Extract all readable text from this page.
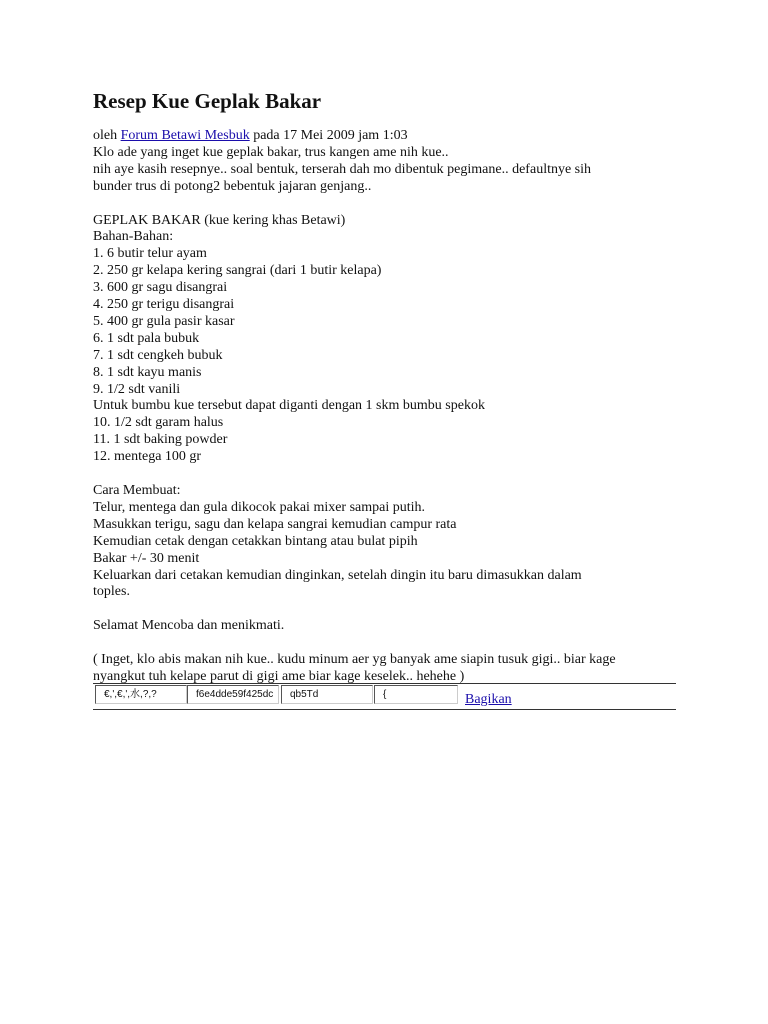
Resep Kue Geplak Bakar
oleh Forum Betawi Mesbuk pada 17 Mei 2009 jam 1:03
Klo ade yang inget kue geplak bakar, trus kangen ame nih kue..
nih aye kasih resepnye.. soal bentuk, terserah dah mo dibentuk pegimane.. defaultnye sih
bunder trus di potong2 bebentuk jajaran genjang..
GEPLAK BAKAR (kue kering khas Betawi)
Bahan-Bahan:
1. 6 butir telur ayam
2. 250 gr kelapa kering sangrai (dari 1 butir kelapa)
3. 600 gr sagu disangrai
4. 250 gr terigu disangrai
5. 400 gr gula pasir kasar
6. 1 sdt pala bubuk
7. 1 sdt cengkeh bubuk
8. 1 sdt kayu manis
9. 1/2 sdt vanili
Untuk bumbu kue tersebut dapat diganti dengan 1 skm bumbu spekok
10. 1/2 sdt garam halus
11. 1 sdt baking powder
12. mentega 100 gr
Cara Membuat:
Telur, mentega dan gula dikocok pakai mixer sampai putih.
Masukkan terigu, sagu dan kelapa sangrai kemudian campur rata
Kemudian cetak dengan cetakkan bintang atau bulat pipih
Bakar +/- 30 menit
Keluarkan dari cetakan kemudian dinginkan, setelah dingin itu baru dimasukkan dalam
toples.
Selamat Mencoba dan menikmati.
( Inget, klo abis makan nih kue.. kudu minum aer yg banyak ame siapin tusuk gigi.. biar kage
nyangkut tuh kelape parut di gigi ame biar kage keselek.. hehehe )
€,',€,',水,?,?	f6e4dde59f425dc	qb5Td	{	Bagikan
